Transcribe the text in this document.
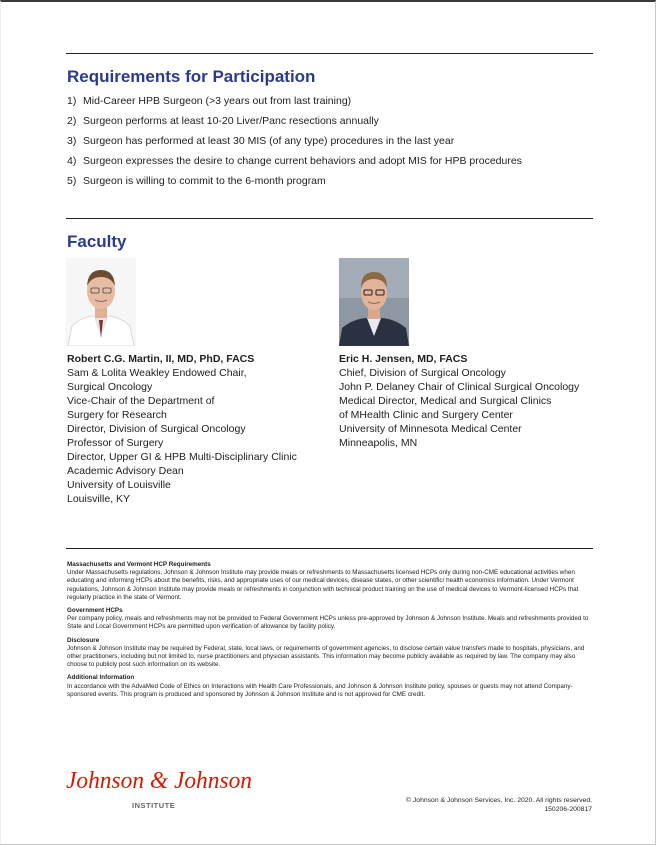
Requirements for Participation
1) Mid-Career HPB Surgeon (>3 years out from last training)
2) Surgeon performs at least 10-20 Liver/Panc resections annually
3) Surgeon has performed at least 30 MIS (of any type) procedures in the last year
4) Surgeon expresses the desire to change current behaviors and adopt MIS for HPB procedures
5) Surgeon is willing to commit to the 6-month program
Faculty
Robert C.G. Martin, II, MD, PhD, FACS
Sam & Lolita Weakley Endowed Chair,
Surgical Oncology
Vice-Chair of the Department of
Surgery for Research
Director, Division of Surgical Oncology
Professor of Surgery
Director, Upper GI & HPB Multi-Disciplinary Clinic
Academic Advisory Dean
University of Louisville
Louisville, KY
Eric H. Jensen, MD, FACS
Chief, Division of Surgical Oncology
John P. Delaney Chair of Clinical Surgical Oncology
Medical Director, Medical and Surgical Clinics
of MHealth Clinic and Surgery Center
University of Minnesota Medical Center
Minneapolis, MN
Massachusetts and Vermont HCP Requirements
Under Massachusetts regulations, Johnson & Johnson Institute may provide meals or refreshments to Massachusetts licensed HCPs only during non-CME educational activities when educating and informing HCPs about the benefits, risks, and appropriate uses of our medical devices, disease states, or other scientific/ health economics information. Under Vermont regulations, Johnson & Johnson Institute may provide meals or refreshments in conjunction with technical product training on the use of medical devices to Vermont-licensed HCPs that regularly practice in the state of Vermont.
Government HCPs
Per company policy, meals and refreshments may not be provided to Federal Government HCPs unless pre-approved by Johnson & Johnson Institute. Meals and refreshments provided to State and Local Government HCPs are permitted upon verification of allowance by facility policy.
Disclosure
Johnson & Johnson Institute may be required by Federal, state, local laws, or requirements of government agencies, to disclose certain value transfers made to hospitals, physicians, and other practitioners, including but not limited to, nurse practitioners and physician assistants. This information may become publicly available as required by law. The company may also choose to publicly post such information on its website.
Additional Information
In accordance with the AdvaMed Code of Ethics on Interactions with Health Care Professionals, and Johnson & Johnson Institute policy, spouses or guests may not attend Company-sponsored events. This program is produced and sponsored by Johnson & Johnson Institute and is not approved for CME credit.
Johnson & Johnson
INSTITUTE
© Johnson & Johnson Services, Inc. 2020. All rights reserved.
150206-200817
